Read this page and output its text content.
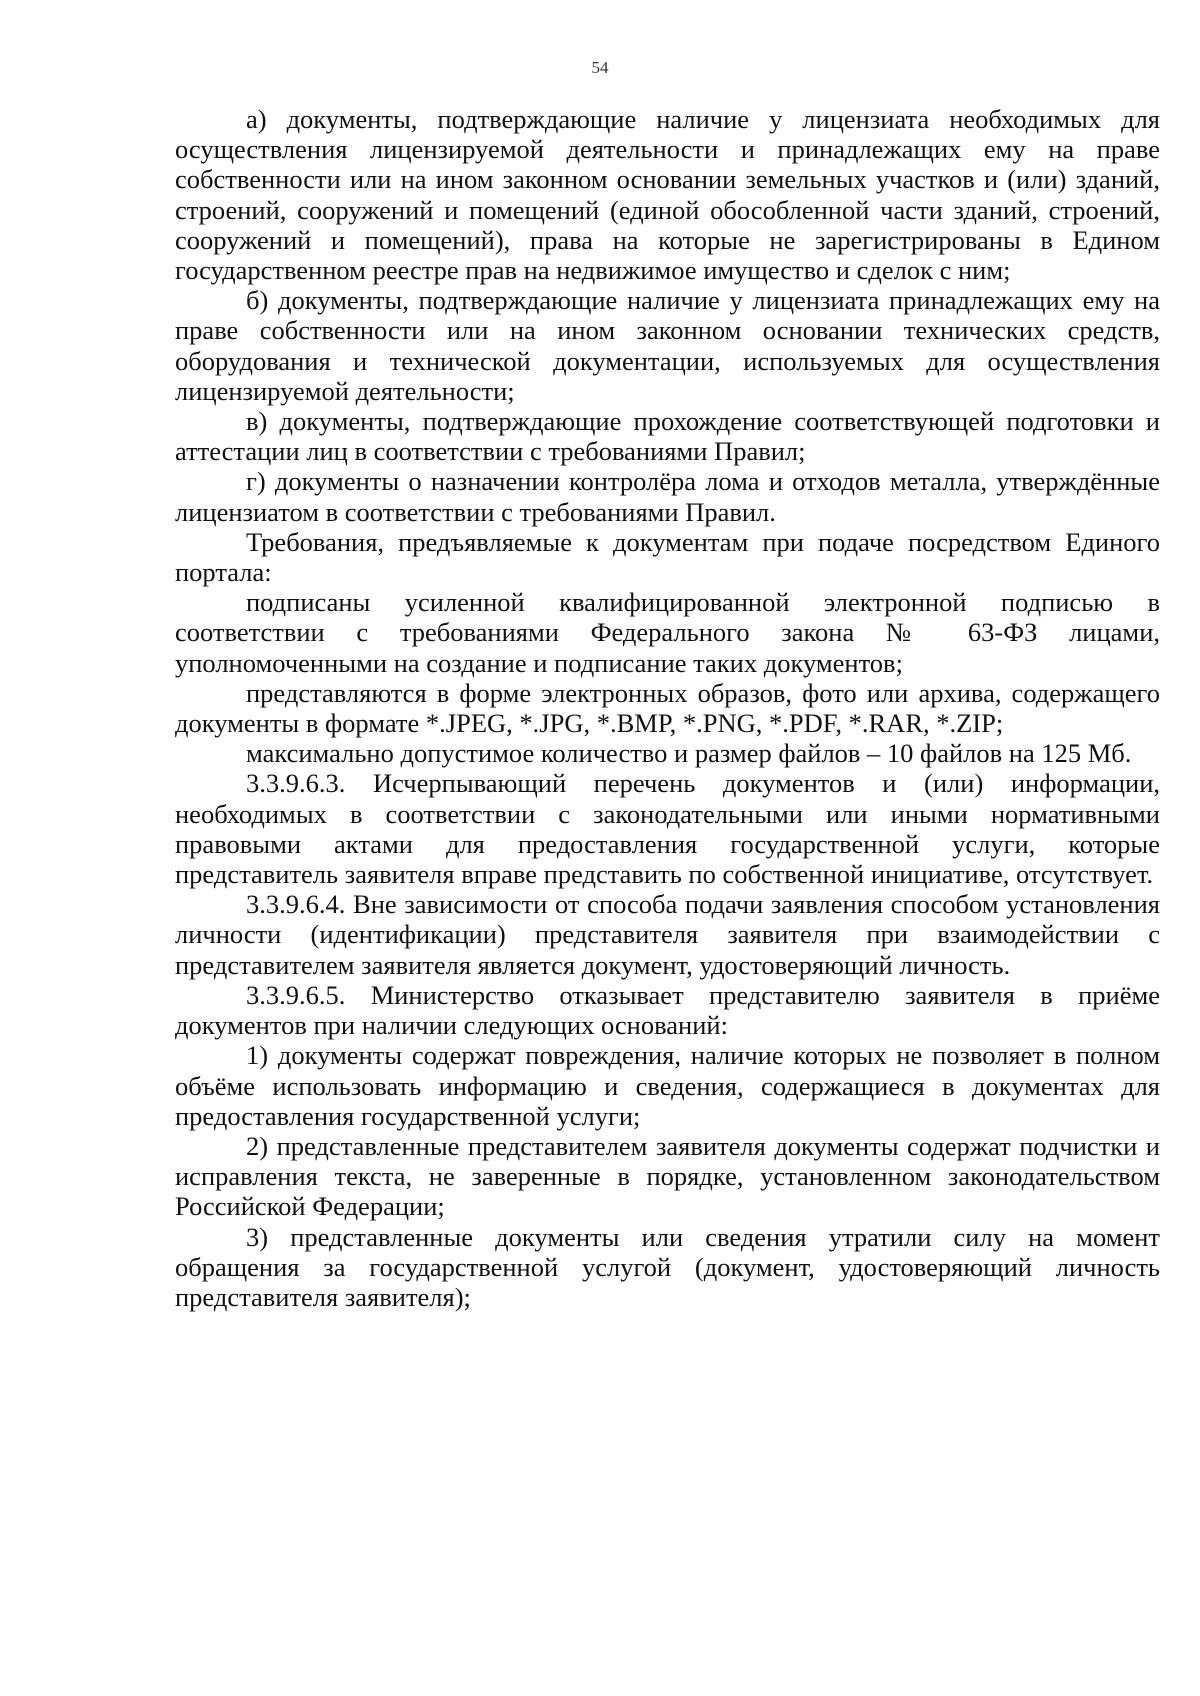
54

а) документы, подтверждающие наличие у лицензиата необходимых для осуществления лицензируемой деятельности и принадлежащих ему на праве собственности или на ином законном основании земельных участков и (или) зданий, строений, сооружений и помещений (единой обособленной части зданий, строений, сооружений и помещений), права на которые не зарегистрированы в Едином государственном реестре прав на недвижимое имущество и сделок с ним;

б) документы, подтверждающие наличие у лицензиата принадлежащих ему на праве собственности или на ином законном основании технических средств, оборудования и технической документации, используемых для осуществления лицензируемой деятельности;

в) документы, подтверждающие прохождение соответствующей подготовки и аттестации лиц в соответствии с требованиями Правил;

г) документы о назначении контролёра лома и отходов металла, утверждённые лицензиатом в соответствии с требованиями Правил.

Требования, предъявляемые к документам при подаче посредством Единого портала:

подписаны усиленной квалифицированной электронной подписью в соответствии с требованиями Федерального закона № 63-ФЗ лицами, уполномоченными на создание и подписание таких документов;

представляются в форме электронных образов, фото или архива, содержащего документы в формате *.JPEG, *.JPG, *.BMP, *.PNG, *.PDF, *.RAR, *.ZIP;

максимально допустимое количество и размер файлов – 10 файлов на 125 Мб.

3.3.9.6.3. Исчерпывающий перечень документов и (или) информации, необходимых в соответствии с законодательными или иными нормативными правовыми актами для предоставления государственной услуги, которые представитель заявителя вправе представить по собственной инициативе, отсутствует.

3.3.9.6.4. Вне зависимости от способа подачи заявления способом установления личности (идентификации) представителя заявителя при взаимодействии с представителем заявителя является документ, удостоверяющий личность.

3.3.9.6.5. Министерство отказывает представителю заявителя в приёме документов при наличии следующих оснований:

1) документы содержат повреждения, наличие которых не позволяет в полном объёме использовать информацию и сведения, содержащиеся в документах для предоставления государственной услуги;

2) представленные представителем заявителя документы содержат подчистки и исправления текста, не заверенные в порядке, установленном законодательством Российской Федерации;

3) представленные документы или сведения утратили силу на момент обращения за государственной услугой (документ, удостоверяющий личность представителя заявителя);
